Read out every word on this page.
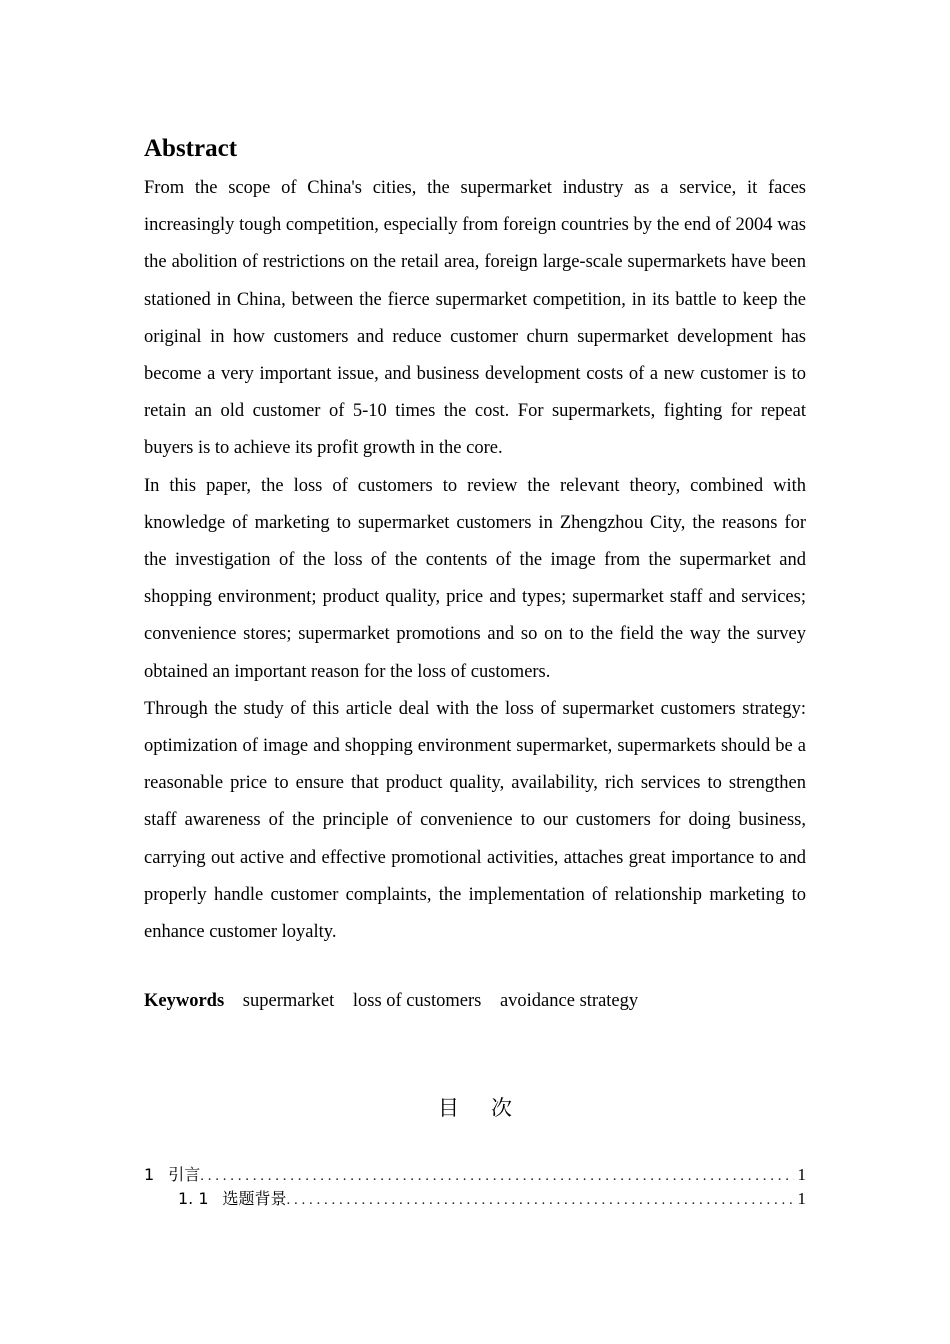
Abstract

From the scope of China's cities, the supermarket industry as a service, it faces increasingly tough competition, especially from foreign countries by the end of 2004 was the abolition of restrictions on the retail area, foreign large-scale supermarkets have been stationed in China, between the fierce supermarket competition, in its battle to keep the original in how customers and reduce customer churn supermarket development has become a very important issue, and business development costs of a new customer is to retain an old customer of 5-10 times the cost. For supermarkets, fighting for repeat buyers is to achieve its profit growth in the core.

In this paper, the loss of customers to review the relevant theory, combined with knowledge of marketing to supermarket customers in Zhengzhou City, the reasons for the investigation of the loss of the contents of the image from the supermarket and shopping environment; product quality, price and types; supermarket staff and services; convenience stores; supermarket promotions and so on to the field the way the survey obtained an important reason for the loss of customers.

Through the study of this article deal with the loss of supermarket customers strategy: optimization of image and shopping environment supermarket, supermarkets should be a reasonable price to ensure that product quality, availability, rich services to strengthen staff awareness of the principle of convenience to our customers for doing business, carrying out active and effective promotional activities, attaches great importance to and properly handle customer complaints, the implementation of relationship marketing to enhance customer loyalty.

Keywords supermarket loss of customers avoidance strategy
目次
1 引言 . . .	1
1. 1 选题背景 . . .	1
